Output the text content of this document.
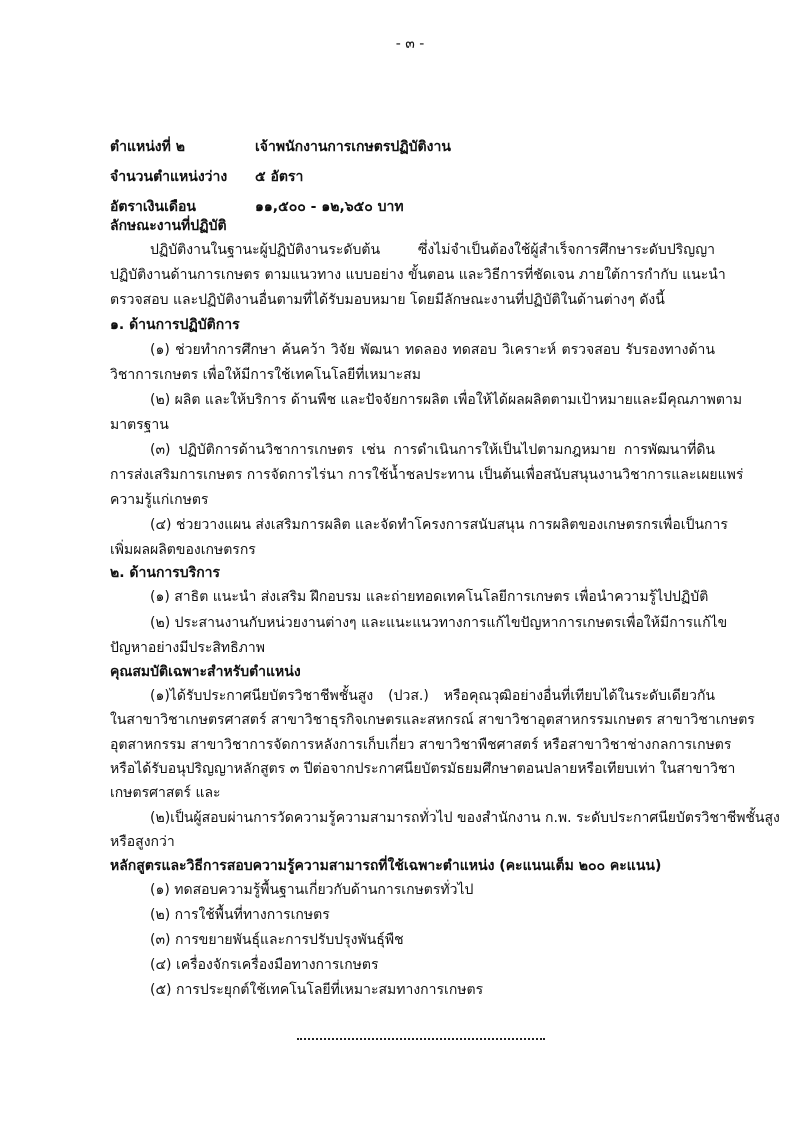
- ๓ -
ตำแหน่งที่ ๒	เจ้าพนักงานการเกษตรปฏิบัติงาน
จำนวนตำแหน่งว่าง ๕ อัตรา
อัตราเงินเดือน	๑๑,๕๐๐ - ๑๒,๖๕๐ บาท
ลักษณะงานที่ปฏิบัติ
ปฏิบัติงานในฐานะผู้ปฏิบัติงานระดับต้น ซึ่งไม่จำเป็นต้องใช้ผู้สำเร็จการศึกษาระดับปริญญา
ปฏิบัติงานด้านการเกษตร ตามแนวทาง แบบอย่าง ขั้นตอน และวิธีการที่ชัดเจน ภายใต้การกำกับ แนะนำ
ตรวจสอบ และปฏิบัติงานอื่นตามที่ได้รับมอบหมาย โดยมีลักษณะงานที่ปฏิบัติในด้านต่างๆ ดังนี้
๑. ด้านการปฏิบัติการ
(๑) ช่วยทำการศึกษา ค้นคว้า วิจัย พัฒนา ทดลอง ทดสอบ วิเคราะห์ ตรวจสอบ รับรองทางด้าน
วิชาการเกษตร เพื่อให้มีการใช้เทคโนโลยีที่เหมาะสม
(๒) ผลิต และให้บริการ ด้านพืช และปัจจัยการผลิต เพื่อให้ได้ผลผลิตตามเป้าหมายและมีคุณภาพตาม
มาตรฐาน
(๓) ปฏิบัติการด้านวิชาการเกษตร เช่น การดำเนินการให้เป็นไปตามกฎหมาย การพัฒนาที่ดิน
การส่งเสริมการเกษตร การจัดการไร่นา การใช้น้ำชลประทาน เป็นต้นเพื่อสนับสนุนงานวิชาการและเผยแพร่
ความรู้แก่เกษตร
(๔) ช่วยวางแผน ส่งเสริมการผลิต และจัดทำโครงการสนับสนุน การผลิตของเกษตรกรเพื่อเป็นการ
เพิ่มผลผลิตของเกษตรกร
๒. ด้านการบริการ
(๑) สาธิต แนะนำ ส่งเสริม ฝึกอบรม และถ่ายทอดเทคโนโลยีการเกษตร เพื่อนำความรู้ไปปฏิบัติ
(๒) ประสานงานกับหน่วยงานต่างๆ และแนะแนวทางการแก้ไขปัญหาการเกษตรเพื่อให้มีการแก้ไข
ปัญหาอย่างมีประสิทธิภาพ
คุณสมบัติเฉพาะสำหรับตำแหน่ง
(๑)ได้รับประกาศนียบัตรวิชาชีพชั้นสูง (ปวส.) หรือคุณวุฒิอย่างอื่นที่เทียบได้ในระดับเดียวกัน
ในสาขาวิชาเกษตรศาสตร์ สาขาวิชาธุรกิจเกษตรและสหกรณ์ สาขาวิชาอุตสาหกรรมเกษตร สาขาวิชาเกษตร
อุตสาหกรรม สาขาวิชาการจัดการหลังการเก็บเกี่ยว สาขาวิชาพืชศาสตร์ หรือสาขาวิชาช่างกลการเกษตร
หรือได้รับอนุปริญญาหลักสูตร ๓ ปีต่อจากประกาศนียบัตรมัธยมศึกษาตอนปลายหรือเทียบเท่า ในสาขาวิชา
เกษตรศาสตร์ และ
(๒)เป็นผู้สอบผ่านการวัดความรู้ความสามารถทั่วไป ของสำนักงาน ก.พ. ระดับประกาศนียบัตรวิชาชีพชั้นสูง
หรือสูงกว่า
หลักสูตรและวิธีการสอบความรู้ความสามารถที่ใช้เฉพาะตำแหน่ง (คะแนนเต็ม ๒๐๐ คะแนน)
(๑) ทดสอบความรู้พื้นฐานเกี่ยวกับด้านการเกษตรทั่วไป
(๒) การใช้พื้นที่ทางการเกษตร
(๓) การขยายพันธุ์และการปรับปรุงพันธุ์พืช
(๔) เครื่องจักรเครื่องมือทางการเกษตร
(๕) การประยุกต์ใช้เทคโนโลยีที่เหมาะสมทางการเกษตร
